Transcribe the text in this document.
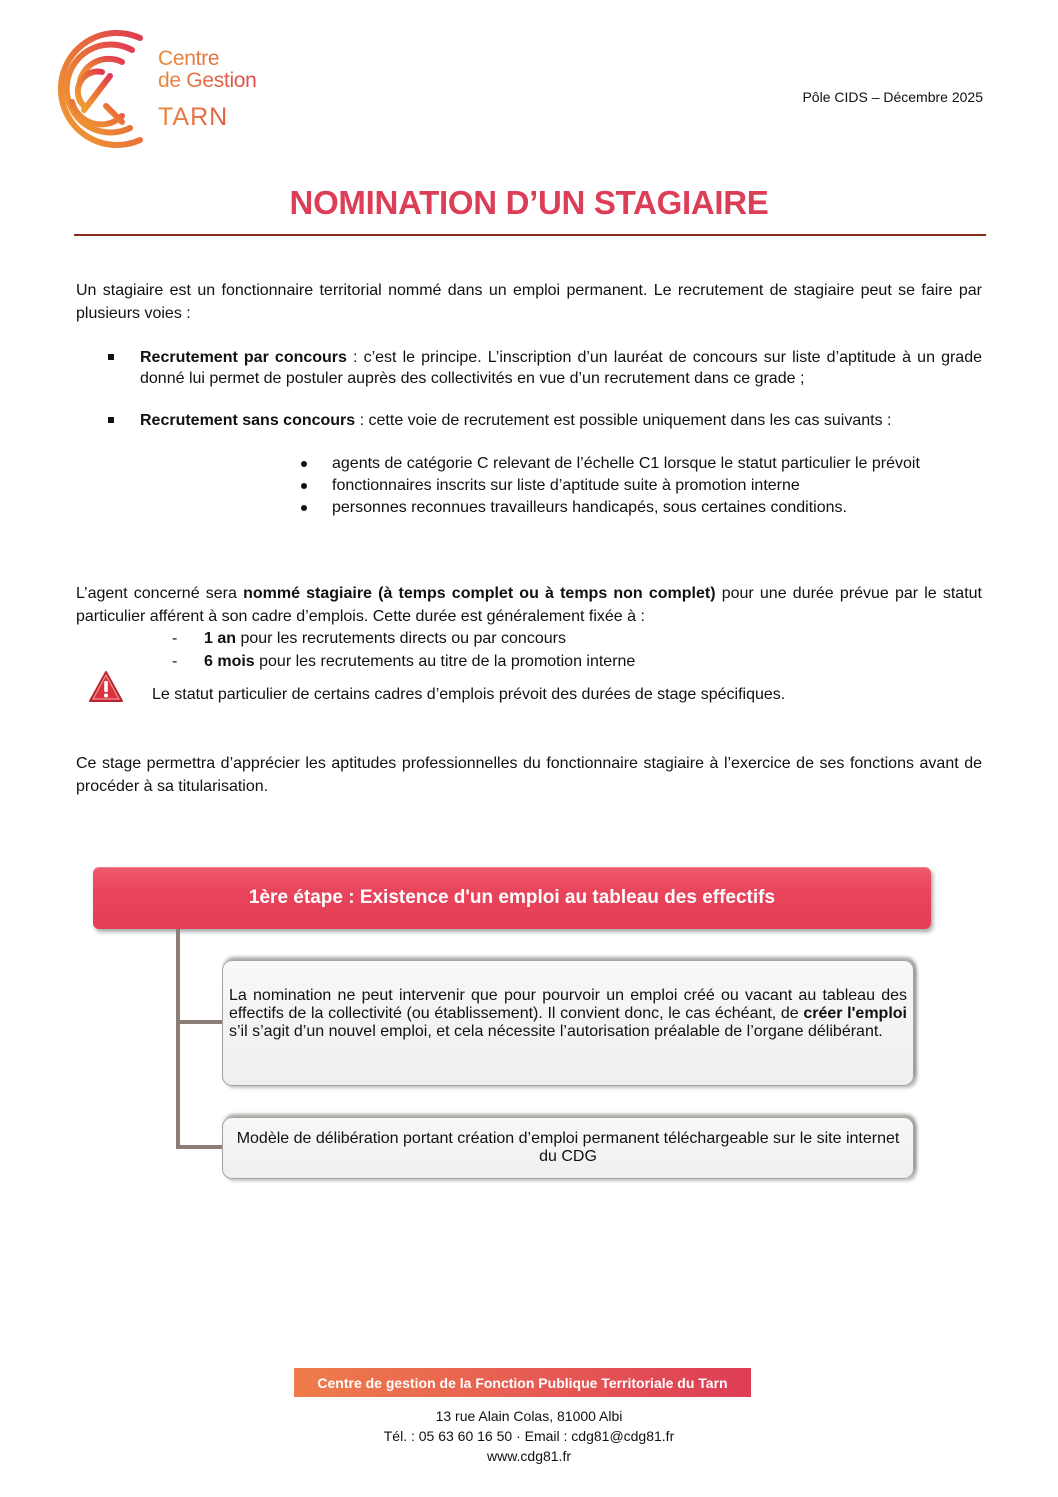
Centre
de Gestion
TARN
Pôle CIDS – Décembre 2025
NOMINATION D’UN STAGIAIRE
Un stagiaire est un fonctionnaire territorial nommé dans un emploi permanent. Le recrutement de stagiaire peut se faire par plusieurs voies :
Recrutement par concours : c’est le principe. L’inscription d’un lauréat de concours sur liste d’aptitude à un grade donné lui permet de postuler auprès des collectivités en vue d’un recrutement dans ce grade ;
Recrutement sans concours : cette voie de recrutement est possible uniquement dans les cas suivants :
agents de catégorie C relevant de l’échelle C1 lorsque le statut particulier le prévoit
fonctionnaires inscrits sur liste d’aptitude suite à promotion interne
personnes reconnues travailleurs handicapés, sous certaines conditions.
L’agent concerné sera nommé stagiaire (à temps complet ou à temps non complet) pour une durée prévue par le statut particulier afférent à son cadre d’emplois. Cette durée est généralement fixée à :
- 1 an pour les recrutements directs ou par concours
- 6 mois pour les recrutements au titre de la promotion interne
Le statut particulier de certains cadres d’emplois prévoit des durées de stage spécifiques.
Ce stage permettra d’apprécier les aptitudes professionnelles du fonctionnaire stagiaire à l’exercice de ses fonctions avant de procéder à sa titularisation.
1ère étape : Existence d'un emploi au tableau des effectifs
La nomination ne peut intervenir que pour pourvoir un emploi créé ou vacant au tableau des effectifs de la collectivité (ou établissement). Il convient donc, le cas échéant, de créer l'emploi s’il s’agit d’un nouvel emploi, et cela nécessite l’autorisation préalable de l’organe délibérant.
Modèle de délibération portant création d’emploi permanent téléchargeable sur le site internet du CDG
Centre de gestion de la Fonction Publique Territoriale du Tarn
13 rue Alain Colas, 81000 Albi
Tél. : 05 63 60 16 50 · Email : cdg81@cdg81.fr
www.cdg81.fr
